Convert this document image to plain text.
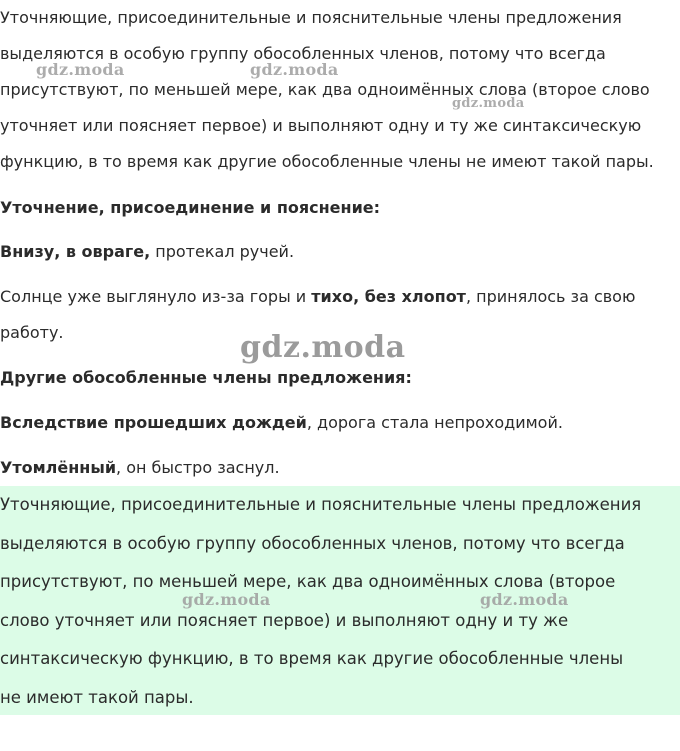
Уточняющие, присоединительные и пояснительные члены предложения
выделяются в особую группу обособленных членов, потому что всегда
присутствуют, по меньшей мере, как два одноимённых слова (второе слово
уточняет или поясняет первое) и выполняют одну и ту же синтаксическую
функцию, в то время как другие обособленные члены не имеют такой пары.
Уточнение, присоединение и пояснение:
Внизу, в овраге, протекал ручей.
Солнце уже выглянуло из-за горы и тихо, без хлопот, принялось за свою
работу.
Другие обособленные члены предложения:
Вследствие прошедших дождей, дорога стала непроходимой.
Утомлённый, он быстро заснул.

Уточняющие, присоединительные и пояснительные члены предложения

выделяются в особую группу обособленных членов, потому что всегда

присутствуют, по меньшей мере, как два одноимённых слова (второе

слово уточняет или поясняет первое) и выполняют одну и ту же

синтаксическую функцию, в то время как другие обособленные члены

не имеют такой пары.

gdz.moda	gdz.moda
gdz.moda
gdz.moda
gdz.moda	gdz.moda
